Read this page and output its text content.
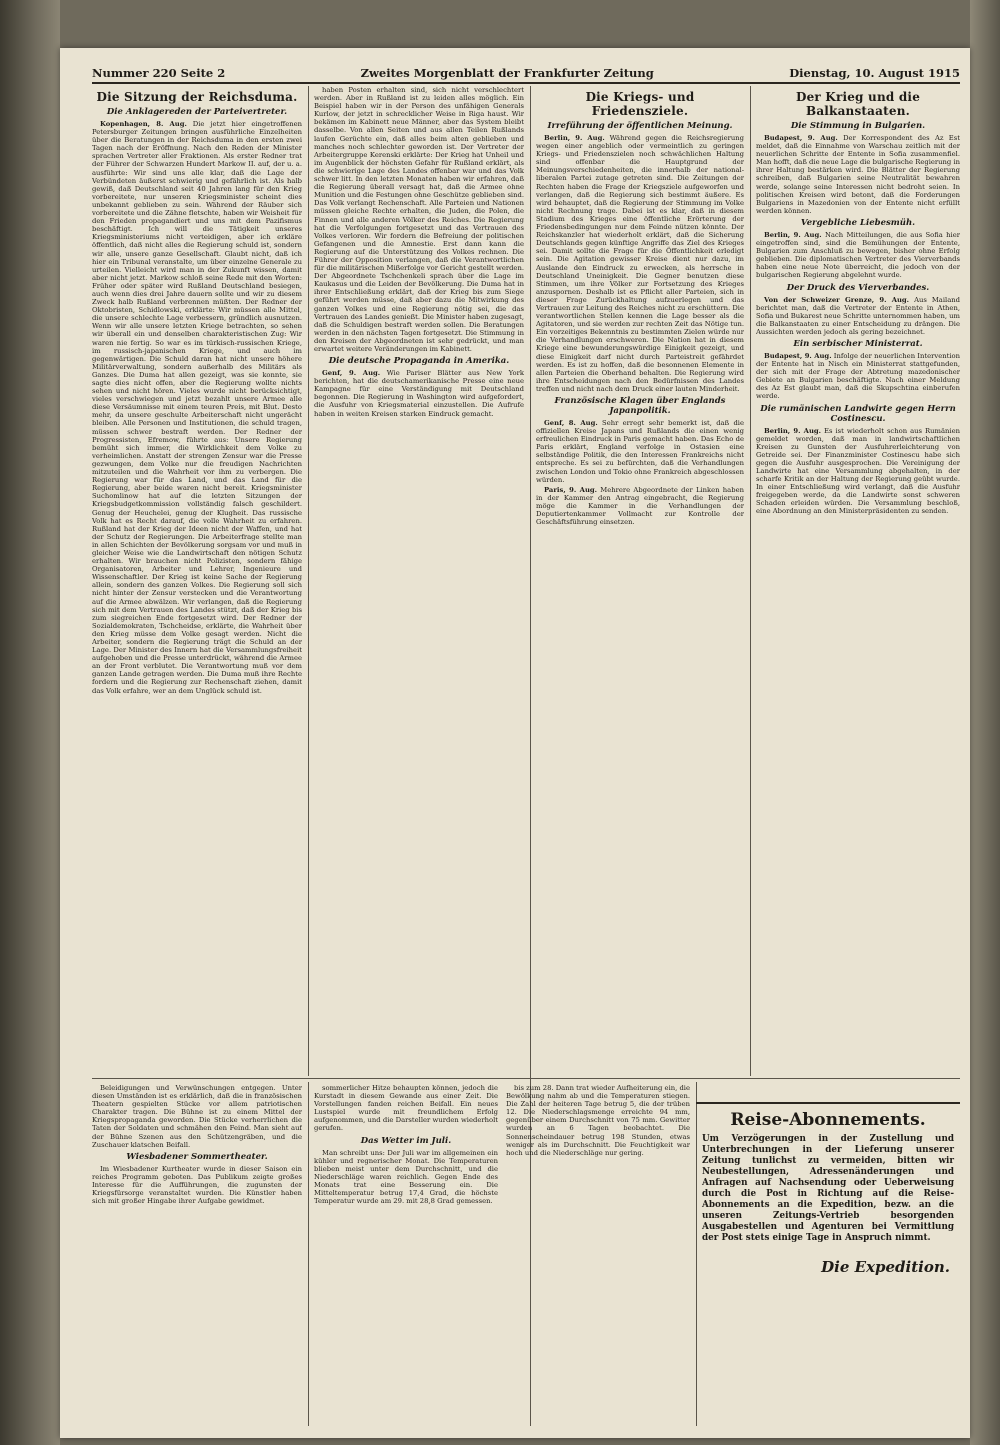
Nummer 220 Seite 2	Zweites Morgenblatt der Frankfurter Zeitung	Dienstag, 10. August 1915
Die Sitzung der Reichsduma.
Die Anklagereden der Parteivertreter.

Kopenhagen, 8. Aug. Die jetzt hier eingetroffenen Petersburger Zeitungen bringen ausführliche Einzelheiten über die Beratungen in der Reichsduma in den ersten zwei Tagen nach der Eröffnung. Nach den Reden der Minister sprachen Vertreter aller Fraktionen. Als erster Redner trat der Führer der Schwarzen Hundert Markow II. auf, der u. a. ausführte: Wir sind uns alle klar, daß die Lage der Verbündeten äußerst schwierig und gefährlich ist. Als halb gewiß, daß Deutschland seit 40 Jahren lang für den Krieg vorbereitete, nur unseren Kriegsminister scheint dies unbekannt geblieben zu sein. Während der Räuber sich vorbereitete und die Zähne fletschte, haben wir Weisheit für den Frieden propagandiert und uns mit dem Pazifismus beschäftigt. Ich will die Tätigkeit unseres Kriegsministeriums nicht verteidigen, aber ich erkläre öffentlich, daß nicht alles die Regierung schuld ist, sondern wir alle, unsere ganze Gesellschaft. Glaubt nicht, daß ich hier ein Tribunal veranstalte, um über einzelne Generale zu urteilen. Vielleicht wird man in der Zukunft wissen, damit aber nicht jetzt. Markow schloß seine Rede mit den Worten: Früher oder später wird Rußland Deutschland besiegen, auch wenn dies drei Jahre dauern sollte und wir zu diesem Zweck halb Rußland verbrennen müßten. Der Redner der Oktobristen, Schidlowski, erklärte: Wir müssen alle Mittel, die unsere schlechte Lage verbessern, gründlich ausnutzen. Wenn wir alle unsere letzten Kriege betrachten, so sehen wir überall ein und denselben charakteristischen Zug: Wir waren nie fertig. So war es im türkisch-russischen Kriege, im russisch-japanischen Kriege, und auch im gegenwärtigen. Die Schuld daran hat nicht unsere höhere Militärverwaltung, sondern außerhalb des Militärs als Ganzes. Die Duma hat allen gezeigt, was sie konnte, sie sagte dies nicht offen, aber die Regierung wollte nichts sehen und nicht hören. Vieles wurde nicht berücksichtigt, vieles verschwiegen und jetzt bezahlt unsere Armee alle diese Versäumnisse mit einem teuren Preis, mit Blut. Desto mehr, da unsere geschulte Arbeiterschaft nicht ungerächt bleiben. Alle Personen und Institutionen, die schuld tragen, müssen schwer bestraft werden. Der Redner der Progressisten, Efremow, führte aus: Unsere Regierung bemüht sich immer, die Wirklichkeit dem Volke zu verheimlichen. Anstatt der strengen Zensur war die Presse gezwungen, dem Volke nur die freudigen Nachrichten mitzuteilen und die Wahrheit vor ihm zu verbergen. Die Regierung war für das Land, und das Land für die Regierung, aber beide waren nicht bereit. Kriegsminister Suchomlinow hat auf die letzten Sitzungen der Kriegsbudgetkommission vollständig falsch geschildert. Genug der Heuchelei, genug der Klugheit. Das russische Volk hat es Recht darauf, die volle Wahrheit zu erfahren. Rußland hat der Krieg der Ideen nicht der Waffen, und hat der Schutz der Regierungen. Die Arbeiterfrage stellte man in allen Schichten der Bevölkerung sorgsam vor und muß in gleicher Weise wie die Landwirtschaft den nötigen Schutz erhalten. Wir brauchen nicht Polizisten, sondern fähige Organisatoren, Arbeiter und Lehrer, Ingenieure und Wissenschaftler. Der Krieg ist keine Sache der Regierung allein, sondern des ganzen Volkes. Die Regierung soll sich nicht hinter der Zensur verstecken und die Verantwortung auf die Armee abwälzen. Wir verlangen, daß die Regierung sich mit dem Vertrauen des Landes stützt, daß der Krieg bis zum siegreichen Ende fortgesetzt wird. Der Redner der Sozialdemokraten, Tschcheidse, erklärte, die Wahrheit über den Krieg müsse dem Volke gesagt werden. Nicht die Arbeiter, sondern die Regierung trägt die Schuld an der Lage. Der Minister des Innern hat die Versammlungsfreiheit aufgehoben und die Presse unterdrückt, während die Armee an der Front verblutet. Die Verantwortung muß vor dem ganzen Lande getragen werden. Die Duma muß ihre Rechte fordern und die Regierung zur Rechenschaft ziehen, damit das Volk erfahre, wer an dem Unglück schuld ist.

haben Posten erhalten sind, sich nicht verschlechtert werden. Aber in Rußland ist zu leiden alles möglich. Ein Beispiel haben wir in der Person des unfähigen Generals Kurlow, der jetzt in schrecklicher Weise in Riga haust. Wir bekämen im Kabinett neue Männer, aber das System bleibt dasselbe. Von allen Seiten und aus allen Teilen Rußlands laufen Gerüchte ein, daß alles beim alten geblieben und manches noch schlechter geworden ist. Der Vertreter der Arbeitergruppe Kerenski erklärte: Der Krieg hat Unheil und im Augenblick der höchsten Gefahr für Rußland erklärt, als die schwierige Lage des Landes offenbar war und das Volk schwer litt. In den letzten Monaten haben wir erfahren, daß die Regierung überall versagt hat, daß die Armee ohne Munition und die Festungen ohne Geschütze geblieben sind. Das Volk verlangt Rechenschaft. Alle Parteien und Nationen müssen gleiche Rechte erhalten, die Juden, die Polen, die Finnen und alle anderen Völker des Reiches. Die Regierung hat die Verfolgungen fortgesetzt und das Vertrauen des Volkes verloren. Wir fordern die Befreiung der politischen Gefangenen und die Amnestie. Erst dann kann die Regierung auf die Unterstützung des Volkes rechnen. Die Führer der Opposition verlangen, daß die Verantwortlichen für die militärischen Mißerfolge vor Gericht gestellt werden. Der Abgeordnete Tschchenkeli sprach über die Lage im Kaukasus und die Leiden der Bevölkerung. Die Duma hat in ihrer Entschließung erklärt, daß der Krieg bis zum Siege geführt werden müsse, daß aber dazu die Mitwirkung des ganzen Volkes und eine Regierung nötig sei, die das Vertrauen des Landes genießt. Die Minister haben zugesagt, daß die Schuldigen bestraft werden sollen. Die Beratungen werden in den nächsten Tagen fortgesetzt. Die Stimmung in den Kreisen der Abgeordneten ist sehr gedrückt, und man erwartet weitere Veränderungen im Kabinett.

Die deutsche Propaganda in Amerika.

Genf, 9. Aug. Wie Pariser Blätter aus New York berichten, hat die deutschamerikanische Presse eine neue Kampagne für eine Verständigung mit Deutschland begonnen. Die Regierung in Washington wird aufgefordert, die Ausfuhr von Kriegsmaterial einzustellen. Die Aufrufe haben in weiten Kreisen starken Eindruck gemacht.

Die Kriegs- und Friedensziele.
Irreführung der öffentlichen Meinung.

Berlin, 9. Aug. Während gegen die Reichsregierung wegen einer angeblich oder vermeintlich zu geringen Kriegs- und Friedenszielen noch schwächlichen Haltung sind offenbar die Hauptgrund der Meinungsverschiedenheiten, die innerhalb der national-liberalen Partei zutage getreten sind. Die Zeitungen der Rechten haben die Frage der Kriegsziele aufgeworfen und verlangen, daß die Regierung sich bestimmt äußere. Es wird behauptet, daß die Regierung der Stimmung im Volke nicht Rechnung trage. Dabei ist es klar, daß in diesem Stadium des Krieges eine öffentliche Erörterung der Friedensbedingungen nur dem Feinde nützen könnte. Der Reichskanzler hat wiederholt erklärt, daß die Sicherung Deutschlands gegen künftige Angriffe das Ziel des Krieges sei. Damit sollte die Frage für die Öffentlichkeit erledigt sein. Die Agitation gewisser Kreise dient nur dazu, im Auslande den Eindruck zu erwecken, als herrsche in Deutschland Uneinigkeit. Die Gegner benutzen diese Stimmen, um ihre Völker zur Fortsetzung des Krieges anzuspornen. Deshalb ist es Pflicht aller Parteien, sich in dieser Frage Zurückhaltung aufzuerlegen und das Vertrauen zur Leitung des Reiches nicht zu erschüttern. Die verantwortlichen Stellen kennen die Lage besser als die Agitatoren, und sie werden zur rechten Zeit das Nötige tun. Ein vorzeitiges Bekenntnis zu bestimmten Zielen würde nur die Verhandlungen erschweren. Die Nation hat in diesem Kriege eine bewunderungswürdige Einigkeit gezeigt, und diese Einigkeit darf nicht durch Parteistreit gefährdet werden. Es ist zu hoffen, daß die besonnenen Elemente in allen Parteien die Oberhand behalten. Die Regierung wird ihre Entscheidungen nach den Bedürfnissen des Landes treffen und nicht nach dem Druck einer lauten Minderheit.

Französische Klagen über Englands Japanpolitik.

Genf, 8. Aug. Sehr erregt sehr bemerkt ist, daß die offiziellen Kreise Japans und Rußlands die einen wenig erfreulichen Eindruck in Paris gemacht haben. Das Echo de Paris erklärt, England verfolge in Ostasien eine selbständige Politik, die den Interessen Frankreichs nicht entspreche. Es sei zu befürchten, daß die Verhandlungen zwischen London und Tokio ohne Frankreich abgeschlossen würden.

Paris, 9. Aug. Mehrere Abgeordnete der Linken haben in der Kammer den Antrag eingebracht, die Regierung möge die Kammer in die Verhandlungen der Deputiertenkammer Vollmacht zur Kontrolle der Geschäftsführung einsetzen.

Der Krieg und die Balkanstaaten.
Die Stimmung in Bulgarien.

Budapest, 9. Aug. Der Korrespondent des Az Est meldet, daß die Einnahme von Warschau zeitlich mit der neuerlichen Schritte der Entente in Sofia zusammenfiel. Man hofft, daß die neue Lage die bulgarische Regierung in ihrer Haltung bestärken wird. Die Blätter der Regierung schreiben, daß Bulgarien seine Neutralität bewahren werde, solange seine Interessen nicht bedroht seien. In politischen Kreisen wird betont, daß die Forderungen Bulgariens in Mazedonien von der Entente nicht erfüllt werden können.

Vergebliche Liebesmüh.

Berlin, 9. Aug. Nach Mitteilungen, die aus Sofia hier eingetroffen sind, sind die Bemühungen der Entente, Bulgarien zum Anschluß zu bewegen, bisher ohne Erfolg geblieben. Die diplomatischen Vertreter des Vierverbands haben eine neue Note überreicht, die jedoch von der bulgarischen Regierung abgelehnt wurde.

Der Druck des Vierverbandes.

Von der Schweizer Grenze, 9. Aug. Aus Mailand berichtet man, daß die Vertreter der Entente in Athen, Sofia und Bukarest neue Schritte unternommen haben, um die Balkanstaaten zu einer Entscheidung zu drängen. Die Aussichten werden jedoch als gering bezeichnet.

Ein serbischer Ministerrat.

Budapest, 9. Aug. Infolge der neuerlichen Intervention der Entente hat in Nisch ein Ministerrat stattgefunden, der sich mit der Frage der Abtretung mazedonischer Gebiete an Bulgarien beschäftigte. Nach einer Meldung des Az Est glaubt man, daß die Skupschtina einberufen werde.

Die rumänischen Landwirte gegen Herrn Costinescu.

Berlin, 9. Aug. Es ist wiederholt schon aus Rumänien gemeldet worden, daß man in landwirtschaftlichen Kreisen zu Gunsten der Ausfuhrerleichterung von Getreide sei. Der Finanzminister Costinescu habe sich gegen die Ausfuhr ausgesprochen. Die Vereinigung der Landwirte hat eine Versammlung abgehalten, in der scharfe Kritik an der Haltung der Regierung geübt wurde. In einer Entschließung wird verlangt, daß die Ausfuhr freigegeben werde, da die Landwirte sonst schweren Schaden erleiden würden. Die Versammlung beschloß, eine Abordnung an den Ministerpräsidenten zu senden.

Beleidigungen und Verwünschungen entgegen. Unter diesen Umständen ist es erklärlich, daß die in französischen Theatern gespielten Stücke vor allem patriotischen Charakter tragen. Die Bühne ist zu einem Mittel der Kriegspropaganda geworden. Die Stücke verherrlichen die Taten der Soldaten und schmähen den Feind. Man sieht auf der Bühne Szenen aus den Schützengräben, und die Zuschauer klatschen Beifall.

Wiesbadener Sommertheater.

Im Wiesbadener Kurtheater wurde in dieser Saison ein reiches Programm geboten. Das Publikum zeigte großes Interesse für die Aufführungen, die zugunsten der Kriegsfürsorge veranstaltet wurden. Die Künstler haben sich mit großer Hingabe ihrer Aufgabe gewidmet.

sommerlicher Hitze behaupten können, jedoch die Kurstadt in diesem Gewande aus einer Zeit. Die Vorstellungen fanden reichen Beifall. Ein neues Lustspiel wurde mit freundlichem Erfolg aufgenommen, und die Darsteller wurden wiederholt gerufen.

Das Wetter im Juli.

Man schreibt uns: Der Juli war im allgemeinen ein kühler und regnerischer Monat. Die Temperaturen blieben meist unter dem Durchschnitt, und die Niederschläge waren reichlich. Gegen Ende des Monats trat eine Besserung ein. Die Mitteltemperatur betrug 17,4 Grad, die höchste Temperatur wurde am 29. mit 28,8 Grad gemessen.

bis zum 28. Dann trat wieder Aufheiterung ein, die Bewölkung nahm ab und die Temperaturen stiegen. Die Zahl der heiteren Tage betrug 5, die der trüben 12. Die Niederschlagsmenge erreichte 94 mm, gegenüber einem Durchschnitt von 75 mm. Gewitter wurden an 6 Tagen beobachtet. Die Sonnenscheindauer betrug 198 Stunden, etwas weniger als im Durchschnitt. Die Feuchtigkeit war hoch und die Niederschläge nur gering.

Reise-Abonnements.
Um Verzögerungen in der Zustellung und Unterbrechungen in der Lieferung unserer Zeitung tunlichst zu vermeiden, bitten wir Neubestellungen, Adressenänderungen und Anfragen auf Nachsendung oder Ueberweisung durch die Post in Richtung auf die Reise-Abonnements an die Expedition, bezw. an die unseren Zeitungs-Vertrieb besorgenden Ausgabestellen und Agenturen bei Vermittlung der Post stets einige Tage in Anspruch nimmt.
Die Expedition.
